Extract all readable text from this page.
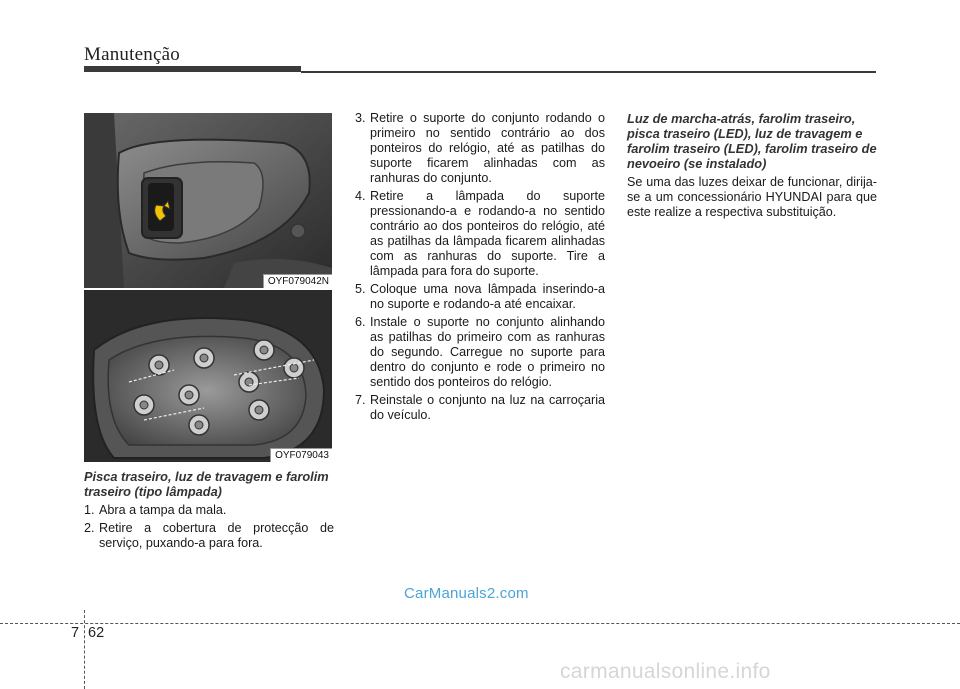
Manutenção
OYF079042N
OYF079043
Pisca traseiro, luz de travagem e farolim traseiro (tipo lâmpada)
1. Abra a tampa da mala.
2. Retire a cobertura de protecção de serviço, puxando-a para fora.
3. Retire o suporte do conjunto rodando o primeiro no sentido contrário ao dos ponteiros do relógio, até as patilhas do suporte ficarem alinhadas com as ranhuras do conjunto.
4. Retire a lâmpada do suporte pressionando-a e rodando-a no sentido contrário ao dos ponteiros do relógio, até as patilhas da lâmpada ficarem alinhadas com as ranhuras do suporte. Tire a lâmpada para fora do suporte.
5. Coloque uma nova lâmpada inserindo-a no suporte e rodando-a até encaixar.
6. Instale o suporte no conjunto alinhando as patilhas do primeiro com as ranhuras do segundo. Carregue no suporte para dentro do conjunto e rode o primeiro no sentido dos ponteiros do relógio.
7. Reinstale o conjunto na luz na carroçaria do veículo.
Luz de marcha-atrás, farolim traseiro, pisca traseiro (LED), luz de travagem e farolim traseiro (LED), farolim traseiro de nevoeiro (se instalado)

Se uma das luzes deixar de funcionar, dirija-se a um concessionário HYUNDAI para que este realize a respectiva substituição.

CarManuals2.com
7 62
carmanualsonline.info
